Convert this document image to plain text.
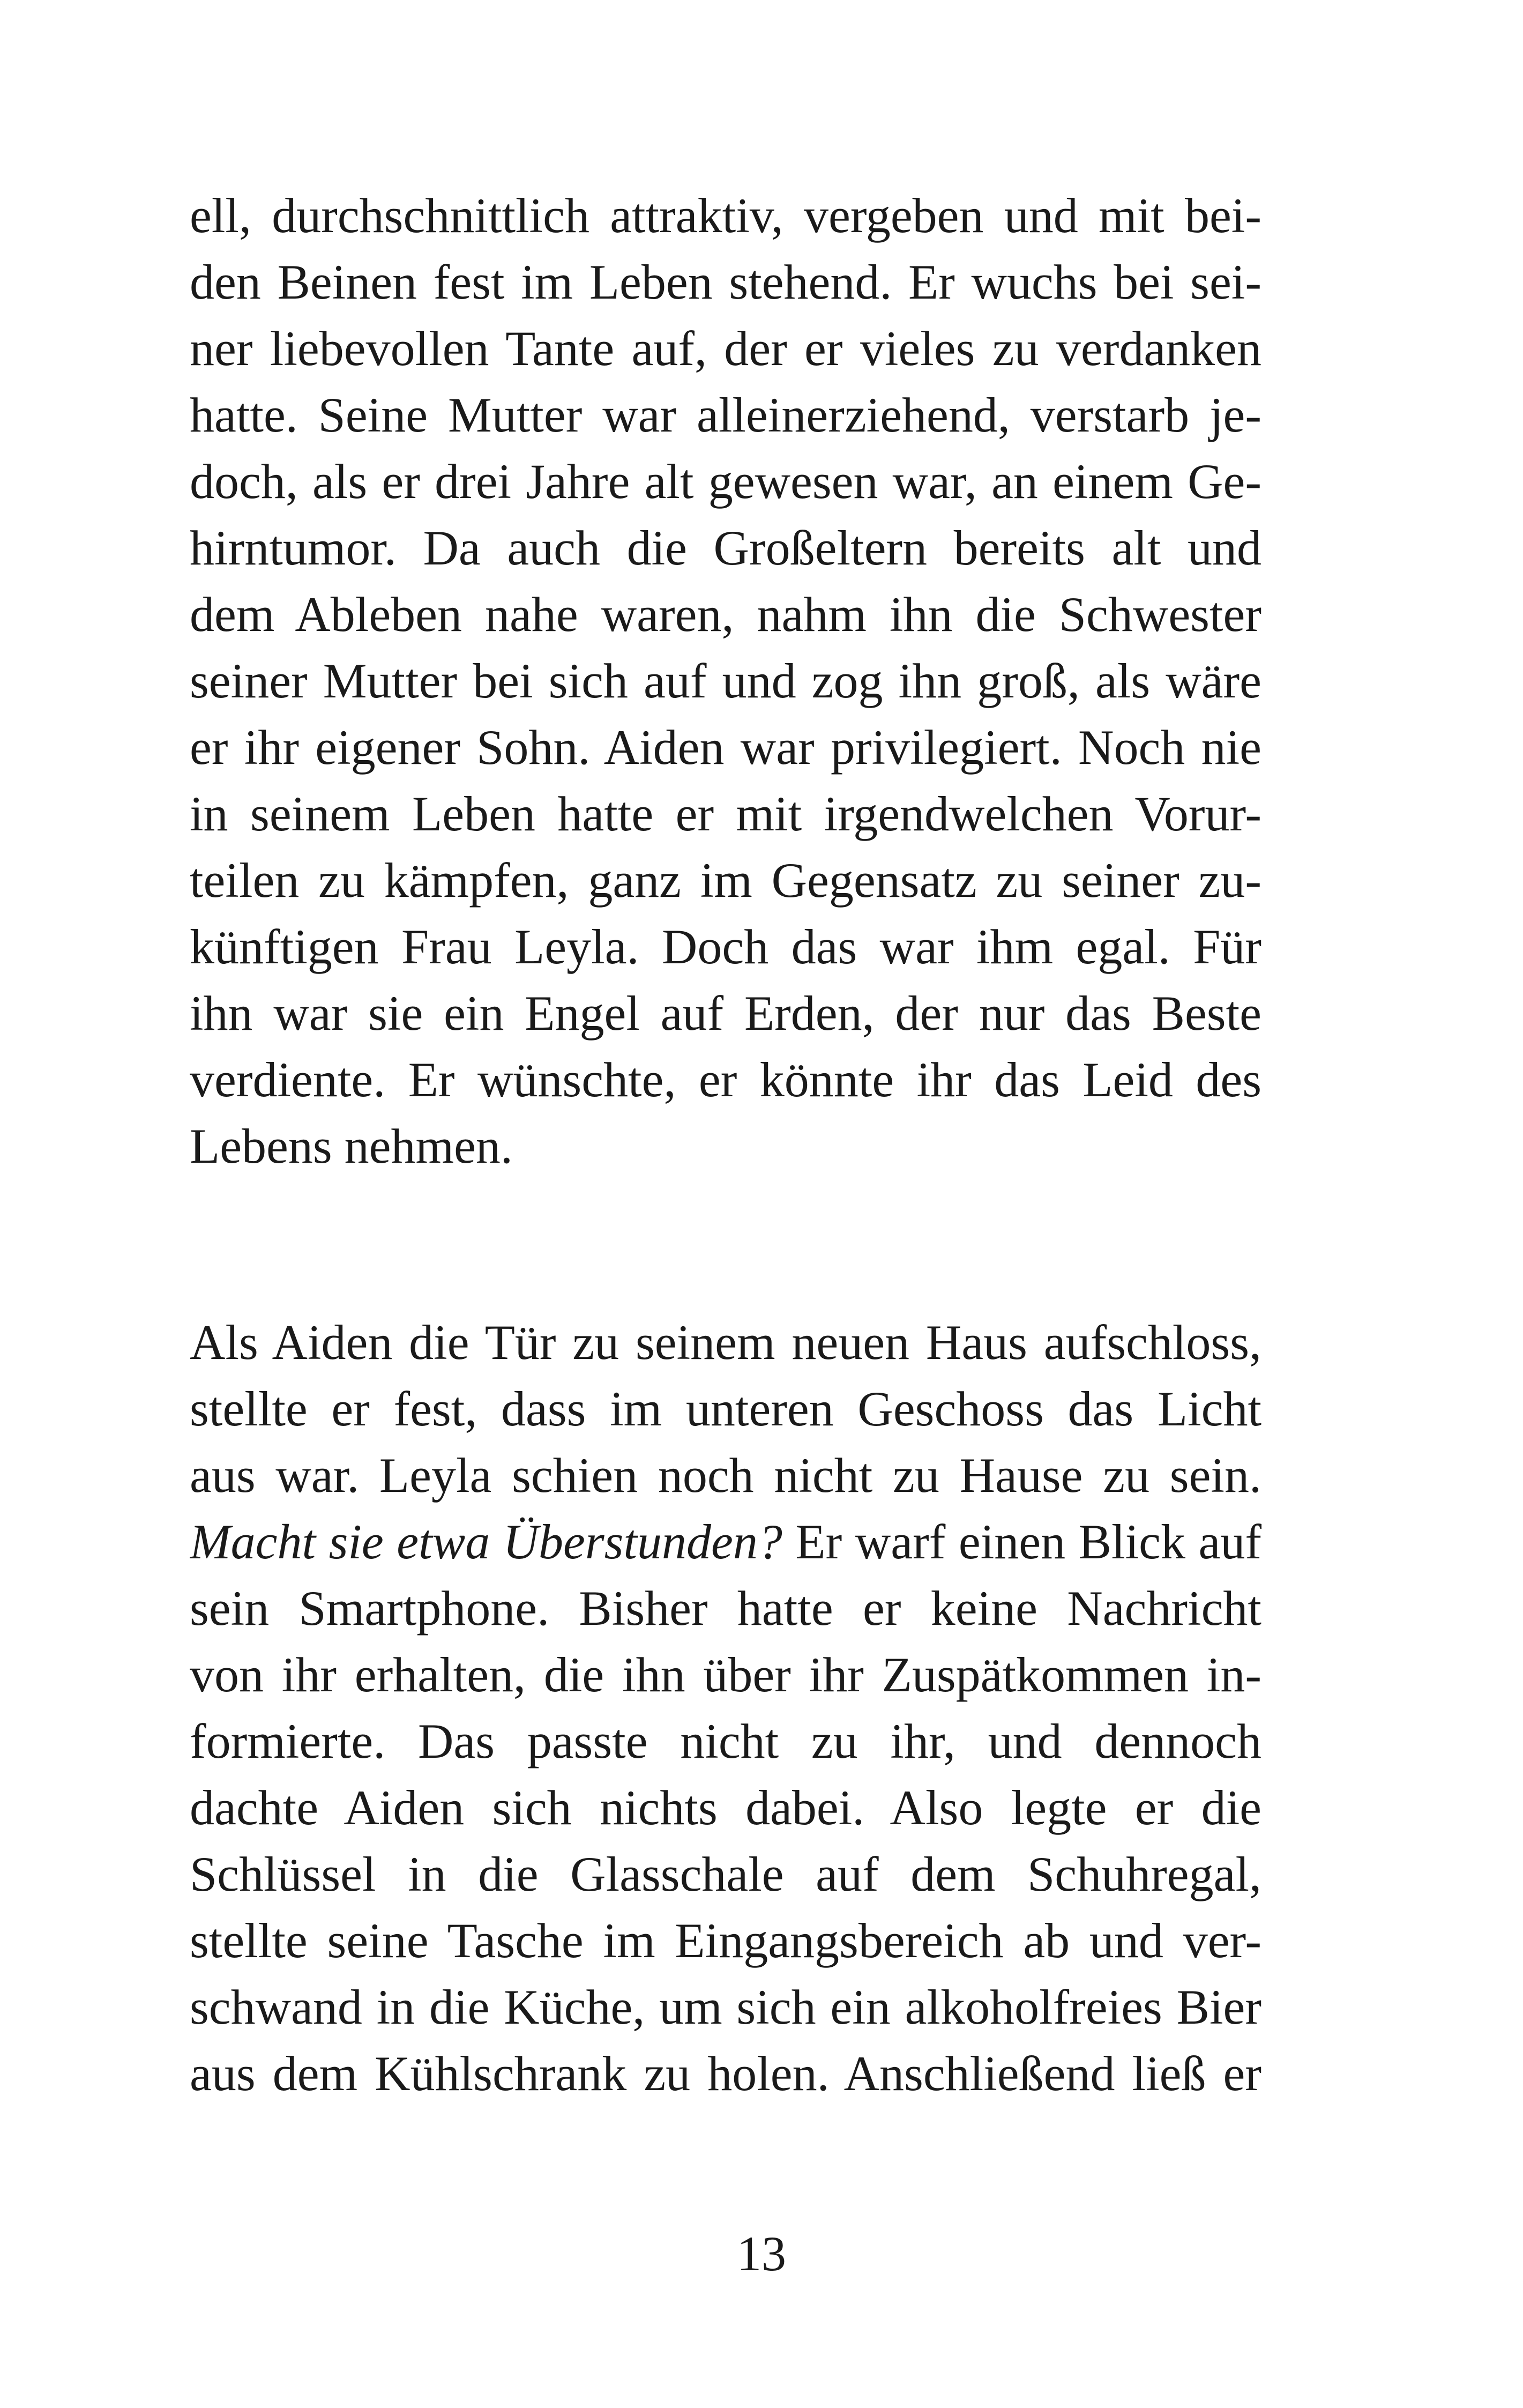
ell, durchschnittlich attraktiv, vergeben und mit bei-
den Beinen fest im Leben stehend. Er wuchs bei sei-
ner liebevollen Tante auf, der er vieles zu verdanken
hatte. Seine Mutter war alleinerziehend, verstarb je-
doch, als er drei Jahre alt gewesen war, an einem Ge-
hirntumor. Da auch die Großeltern bereits alt und
dem Ableben nahe waren, nahm ihn die Schwester
seiner Mutter bei sich auf und zog ihn groß, als wäre
er ihr eigener Sohn. Aiden war privilegiert. Noch nie
in seinem Leben hatte er mit irgendwelchen Vorur-
teilen zu kämpfen, ganz im Gegensatz zu seiner zu-
künftigen Frau Leyla. Doch das war ihm egal. Für
ihn war sie ein Engel auf Erden, der nur das Beste
verdiente. Er wünschte, er könnte ihr das Leid des
Lebens nehmen.
Als Aiden die Tür zu seinem neuen Haus aufschloss,
stellte er fest, dass im unteren Geschoss das Licht
aus war. Leyla schien noch nicht zu Hause zu sein.
Macht sie etwa Überstunden? Er warf einen Blick auf
sein Smartphone. Bisher hatte er keine Nachricht
von ihr erhalten, die ihn über ihr Zuspätkommen in-
formierte. Das passte nicht zu ihr, und dennoch
dachte Aiden sich nichts dabei. Also legte er die
Schlüssel in die Glasschale auf dem Schuhregal,
stellte seine Tasche im Eingangsbereich ab und ver-
schwand in die Küche, um sich ein alkoholfreies Bier
aus dem Kühlschrank zu holen. Anschließend ließ er
13
